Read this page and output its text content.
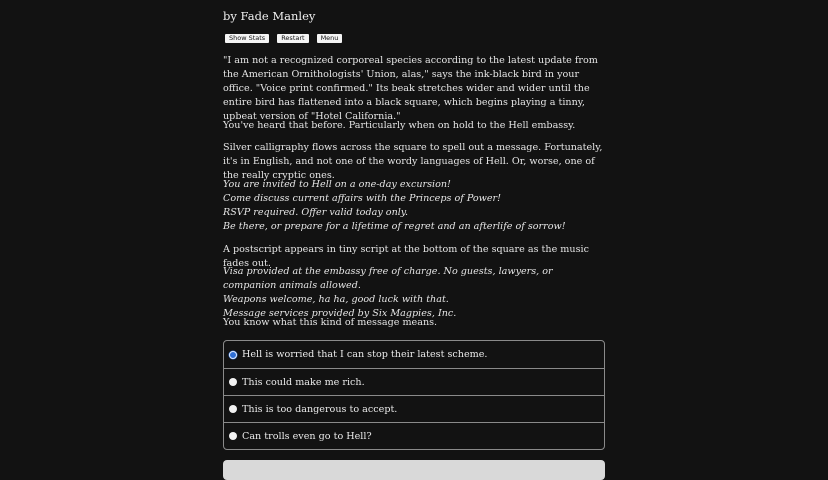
by Fade Manley
Show Stats	Restart	Menu

"I am not a recognized corporeal species according to the latest update from the American Ornithologists' Union, alas," says the ink-black bird in your office. "Voice print confirmed." Its beak stretches wider and wider until the entire bird has flattened into a black square, which begins playing a tinny, upbeat version of "Hotel California."

You've heard that before. Particularly when on hold to the Hell embassy.

Silver calligraphy flows across the square to spell out a message. Fortunately, it's in English, and not one of the wordy languages of Hell. Or, worse, one of the really cryptic ones.

You are invited to Hell on a one-day excursion!
Come discuss current affairs with the Princeps of Power!
RSVP required. Offer valid today only.
Be there, or prepare for a lifetime of regret and an afterlife of sorrow!

A postscript appears in tiny script at the bottom of the square as the music fades out.

Visa provided at the embassy free of charge. No guests, lawyers, or companion animals allowed.
Weapons welcome, ha ha, good luck with that.
Message services provided by Six Magpies, Inc.

You know what this kind of message means.

Hell is worried that I can stop their latest scheme.
This could make me rich.
This is too dangerous to accept.
Can trolls even go to Hell?
